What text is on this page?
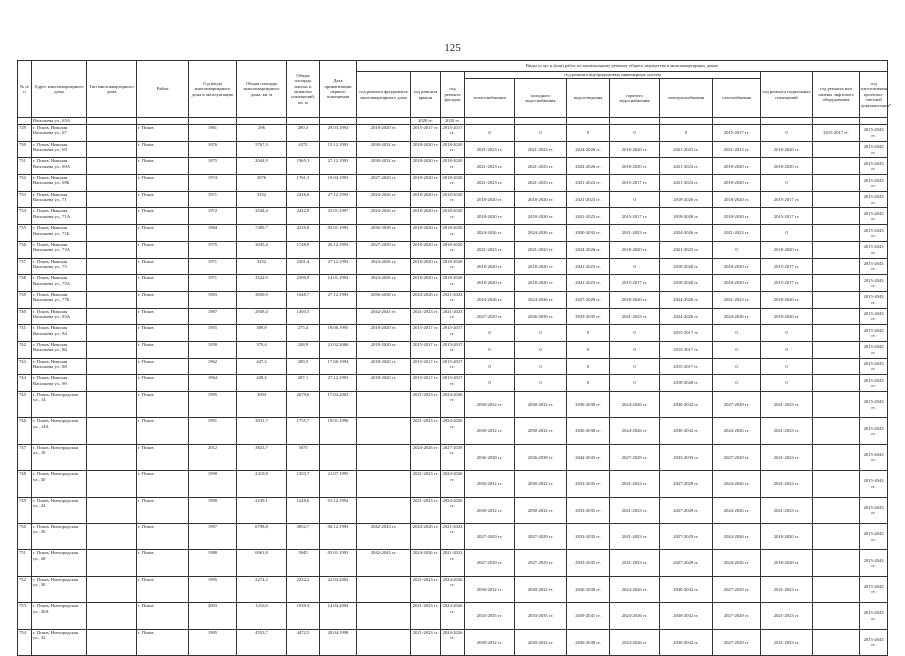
125
№ п/п	Адрес многоквартирного дома	Тип многоквартирного дома	Район	Год ввода многоквартирного дома в эксплуатацию	Общая площадь многоквартирного дома, кв. м	Общая площадь жилых и нежилых помещений, кв. м	Дата приватизации первого помещения	Виды услуг и (или) работ по капитальному ремонту общего имущества в многоквартирных домах											
								год ремонта фундамента многоквартирного дома	год ремонта крыши	год ремонта фасадов	год ремонта внутридомовых инженерных систем						год ремонта подвальных помещений	год ремонта или замены лифтового оборудования	год изготовления проектно-сметной документации*
											теплоснабжения	холодного водоснабжения	водоотведения	горячего водоснабжения	электроснабжения	газоснабжения			
	Васильева ул., 65А								2020 гг.	2020 гг.									
729	г. Псков, Николая Васильева ул., 67		г. Псков	1961	296	280,3	29.03.1993	2018-2020 гг.	2015-2017 гг.	2015-2017 гг.	0	0	0	0	0	2015-2017 гг.	0	2015-2017 гг.	2015-2043 гг.
730	г. Псков, Николая Васильева ул., 69		г. Псков	1976	5767,3	4372	15.12.1993	2030-2032 гг.	2018-2020 гг.	2018-2020 гг.	2021-2023 гг.	2021-2023 гг.	2024-2026 гг.	2018-2020 гг.	2021-2023 гг.	2021-2023 гг.	2018-2020 гг.		2015-2043 гг.
731	г. Псков, Николая Васильева ул., 69А		г. Псков	1975	2044,9	1965,1	27.12.1993	2030-2032 гг.	2018-2020 гг.	2018-2020 гг.	2021-2023 гг.	2021-2023 гг.	2024-2026 гг.	2018-2020 гг.	2021-2023 гг.	2018-2020 гг.	2018-2020 гг.		2015-2043 гг.
732	г. Псков, Николая Васильева ул., 69Б		г. Псков	1974	3076	1761,3	19.04.1993	2027-2029 гг.	2018-2020 гг.	2018-2020 гг.	2021-2023 гг.	2021-2023 гг.	2021-2023 гг.	2015-2017 гг.	2021-2023 гг.	2018-2020 гг.	0		2015-2043 гг.
733	г. Псков, Николая Васильева ул., 71		г. Псков	1971	3252	2416,6	27.12.1993	2024-2026 гг.	2018-2020 гг.	2018-2020 гг.	2018-2020 гг.	2018-2020 гг.	2021-2023 гг.	0	2018-2020 гг.	2018-2020 гг.	2015-2017 гг.		2015-2043 гг.
734	г. Псков, Николая Васильева ул., 71А		г. Псков	1972	3544,4	2422,9	25.01.1997	2024-2026 гг.	2018-2020 гг.	2018-2020 гг.	2018-2020 гг.	2018-2020 гг.	2021-2023 гг.	2015-2017 гг.	2018-2020 гг.	2018-2020 гг.	2015-2017 гг.		2015-2043 гг.
735	г. Псков, Николая Васильева ул., 71Б		г. Псков	1984	7499,7	4219,8	05.01.1993	2036-2038 гг.	2018-2020 гг.	2018-2020 гг.	2024-2026 гг.	2024-2026 гг.	2030-2032 гг.	2021-2023 гг.	2024-2026 гг.	2021-2023 гг.	0		2015-2043 гг.
736	г. Псков, Николая Васильева ул., 73А		г. Псков	1975	3045,4	1748,9	20.12.1993	2027-2029 гг.	2018-2020 гг.	2018-2020 гг.	2021-2023 гг.	2021-2023 гг.	2024-2026 гг.	2018-2020 гг.	2021-2023 гг.	0	2018-2020 гг.		2015-2043 гг.
737	г. Псков, Николая Васильева ул., 75		г. Псков	1971	3252	2201,4	27.12.1993	2024-2026 гг.	2018-2020 гг.	2018-2020 гг.	2018-2020 гг.	2018-2020 гг.	2021-2023 гг.	0	2018-2020 гг.	2018-2020 гг.	2015-2017 гг.		2015-2043 гг.
738	г. Псков, Николая Васильева ул., 75А		г. Псков	1971	3522,9	2390,9	14.01.1994	2024-2026 гг.	2018-2020 гг.	2018-2020 гг.	2018-2020 гг.	2018-2020 гг.	2021-2023 гг.	2015-2017 гг.	2018-2020 гг.	2018-2020 гг.	2015-2017 гг.		2015-2043 гг.
739	г. Псков, Николая Васильева ул., 77Б		г. Псков	1983	3030,9	1648,7	27.12.1993	2036-2038 гг.	2024-2026 гг.	2021-2023 гг.	2024-2026 гг.	2024-2026 гг.	2027-2029 гг.	2018-2020 гг.	2024-2026 гг.	2021-2023 гг.	2018-2020 гг.		2015-2043 гг.
740	г. Псков, Николая Васильева ул., 83А		г. Псков	1987	2938,4	1493,5		2042-2043 гг.	2021-2023 гг.	2021-2023 гг.	2027-2029 гг.	2036-2038 гг.	2033-2035 гг.	2021-2023 гг.	2024-2026 гг.	2024-2026 гг.	2018-2020 гг.		2015-2043 гг.
741	г. Псков, Николая Васильева ул., 84		г. Псков	1955	389,8	275,4	19.06.1995	2018-2020 гг.	2015-2017 гг.	2015-2017 гг.	0	0	0	0	2015-2017 гг.	0	0		2015-2043 гг.
742	г. Псков, Николая Васильева ул., 86		г. Псков	1958	379,4	248,9	21.02.2006	2018-2020 гг.	2015-2017 гг.	2015-2017 гг.	0	0	0	0	2015-2017 гг.	0	0		2015-2043 гг.
743	г. Псков, Николая Васильева ул., 88		г. Псков	1962	447,2	289,5	17.06.1994	2018-2020 гг.	2015-2017 гг.	2015-2017 гг.	0	0	0	0	2015-2017 гг.	0	0		2015-2043 гг.
744	г. Псков, Николая Васильева ул., 90		г. Псков	1964	449,4	287,1	27.12.1993	2018-2020 гг.	2015-2017 гг.	2015-2017 гг.	0	0	0	0	2018-2020 гг.	0	0		2015-2043 гг.
745	г. Псков, Новгородская ул., 14		г. Псков	1995	3004	2679,6	17.04.2002		2021-2023 гг.	2024-2026 гг.	2030-2032 гг.	2030-2032 гг.	2036-2038 гг.	2024-2026 гг.	2030-2032 гг.	2027-2029 гг.	2021-2023 гг.		2015-2043 гг.
746	г. Псков, Новгородская ул., 14А		г. Псков	1991	3031,7	1755,7	19.01.1996		2021-2023 гг.	2024-2026 гг.	2030-2032 гг.	2030-2032 гг.	2036-2038 гг.	2024-2026 гг.	2030-2032 гг.	2024-2026 гг.	2021-2023 гг.		2015-2043 гг.
747	г. Псков, Новгородская ул., 18		г. Псков	2012	3823,7	3075			2024-2026 гг.	2027-2029 гг.	2036-2038 гг.	2036-2038 гг.	2042-2043 гг.	2027-2029 гг.	2033-2035 гг.	2027-2029 гг.	2021-2023 гг.		2015-2043 гг.
748	г. Псков, Новгородская ул., 20		г. Псков	1990	2319,8	1303,7	21.07.1995		2021-2023 гг.	2024-2026 гг.	2030-2032 гг.	2030-2032 гг.	2033-2035 гг.	2021-2023 гг.	2027-2029 гг.	2024-2026 гг.	2021-2023 гг.		2015-2043 гг.
749	г. Псков, Новгородская ул., 24		г. Псков	1990	2239,1	1248,6	01.12.1992		2021-2023 гг.	2024-2026 гг.	2030-2032 гг.	2030-2032 гг.	2033-2035 гг.	2021-2023 гг.	2027-2029 гг.	2024-2026 гг.	2021-2023 гг.		2015-2043 гг.
750	г. Псков, Новгородская ул., 26		г. Псков	1987	6798,8	3852,7	06.12.1993	2042-2043 гг.	2024-2026 гг.	2021-2023 гг.	2027-2029 гг.	2027-2029 гг.	2033-2035 гг.	2021-2023 гг.	2027-2029 гг.	2024-2026 гг.	2018-2020 гг.		2015-2043 гг.
751	г. Псков, Новгородская ул., 28		г. Псков	1988	6961,8	3945	05.01.1993	2042-2043 гг.	2024-2026 гг.	2021-2023 гг.	2027-2029 гг.	2027-2029 гг.	2033-2035 гг.	2021-2023 гг.	2027-2029 гг.	2024-2026 гг.	2018-2020 гг.		2015-2043 гг.
752	г. Псков, Новгородская ул., 30		г. Псков	1995	2274,2	2232,2	22.04.2002		2021-2023 гг.	2024-2026 гг.	2030-2032 гг.	2030-2032 гг.	2036-2038 гг.	2024-2026 гг.	2030-2032 гг.	2027-2029 гг.	2021-2023 гг.		2015-2043 гг.
753	г. Псков, Новгородская ул., 30А		г. Псков	2003	1216,6	1039,4	14.04.2004		2021-2023 гг.	2024-2026 гг.	2033-2035 гг.	2033-2035 гг.	2039-2041 гг.	2024-2026 гг.	2030-2032 гг.	2027-2029 гг.	2021-2023 гг.		2015-2043 гг.
754	г. Псков, Новгородская ул., 32		г. Псков	1995	4553,7	4472,5	28.04.1998		2021-2023 гг.	2024-2026 гг.	2030-2032 гг.	2030-2032 гг.	2036-2038 гг.	2024-2026 гг.	2030-2032 гг.	2027-2029 гг.	2021-2023 гг.		2015-2043 гг.
